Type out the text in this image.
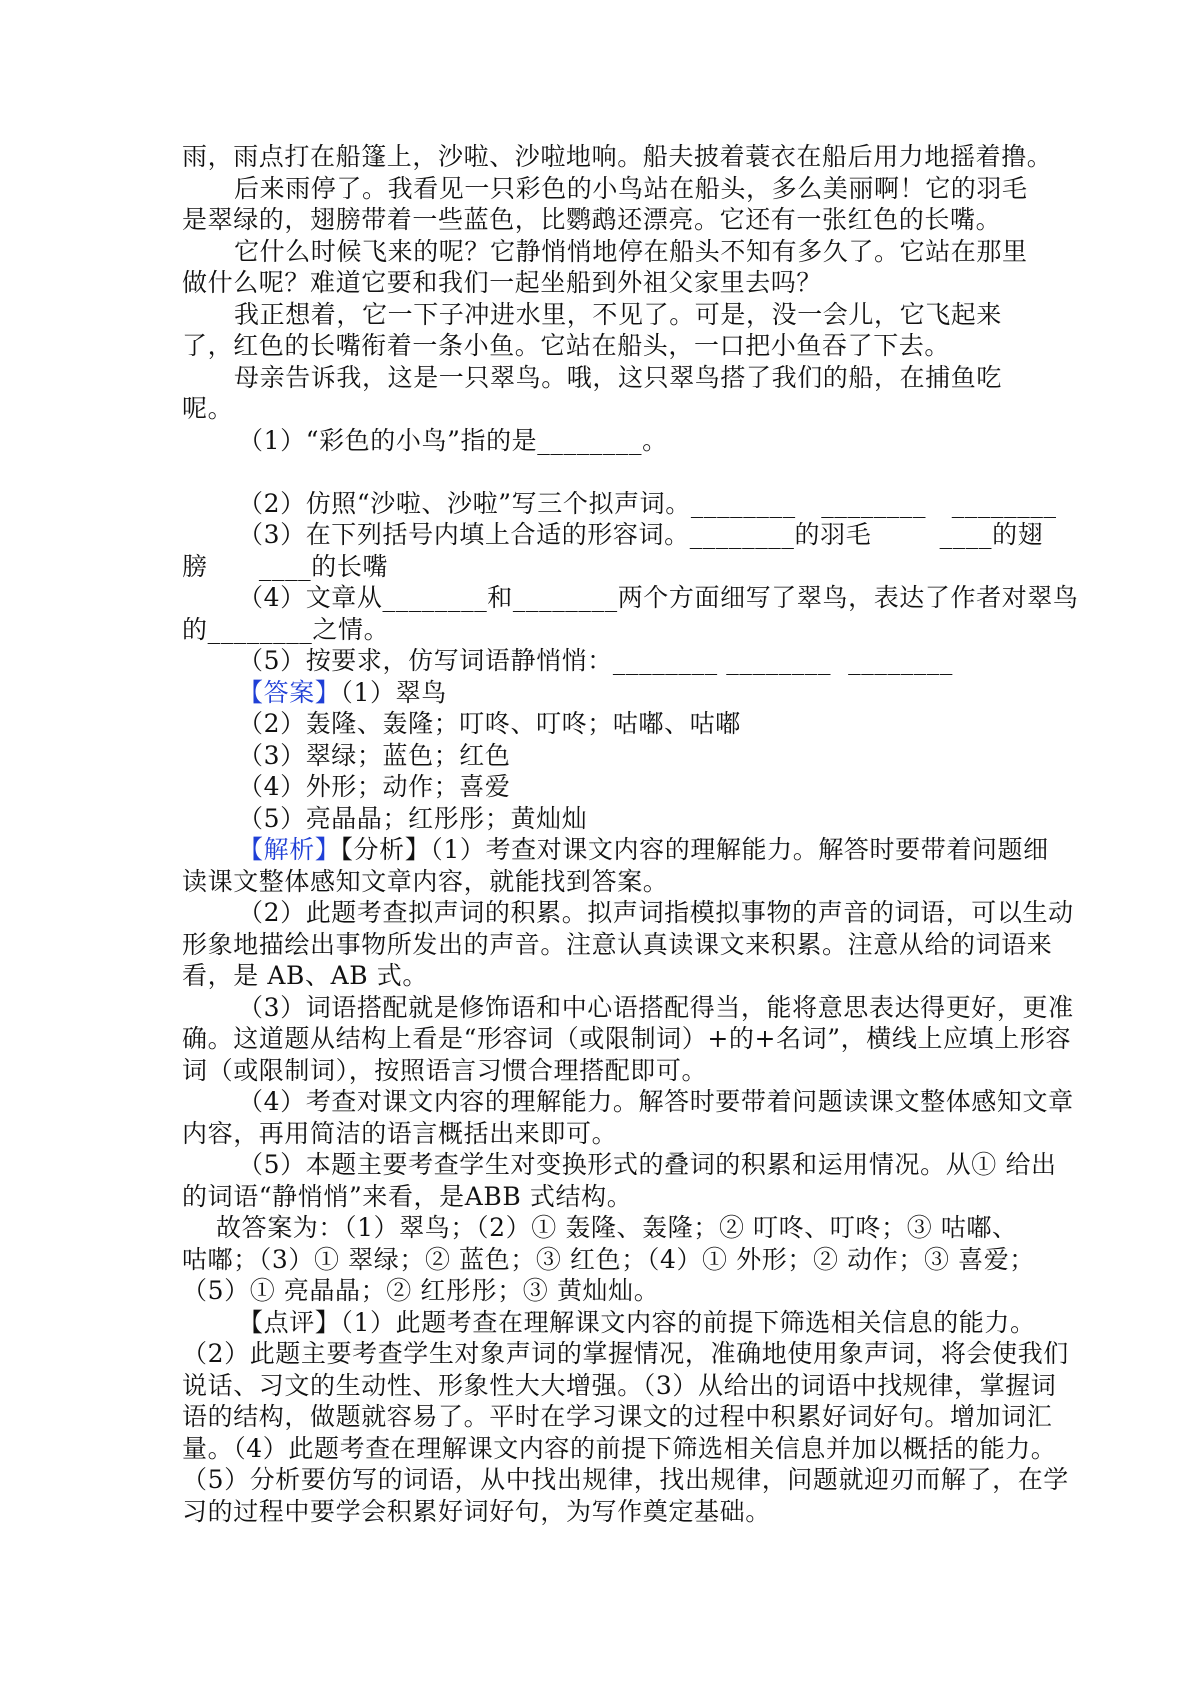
雨，雨点打在船篷上，沙啦、沙啦地响。船夫披着蓑衣在船后用力地摇着撸。
后来雨停了。我看见一只彩色的小鸟站在船头，多么美丽啊！它的羽毛
是翠绿的，翅膀带着一些蓝色，比鹦鹉还漂亮。它还有一张红色的长嘴。
它什么时候飞来的呢？它静悄悄地停在船头不知有多久了。它站在那里
做什么呢？难道它要和我们一起坐船到外祖父家里去吗？
我正想着，它一下子冲进水里，不见了。可是，没一会儿，它飞起来
了，红色的长嘴衔着一条小鱼。它站在船头，一口把小鱼吞了下去。
母亲告诉我，这是一只翠鸟。哦，这只翠鸟搭了我们的船，在捕鱼吃
呢。
（1）“彩色的小鸟”指的是________。
（2）仿照“沙啦、沙啦”写三个拟声词。________   ________   ________
（3）在下列括号内填上合适的形容词。________的羽毛        ____的翅
膀      ____的长嘴
（4）文章从________和________两个方面细写了翠鸟，表达了作者对翠鸟
的________之情。
（5）按要求，仿写词语静悄悄：________ ________  ________
【答案】（1）翠鸟
（2）轰隆、轰隆；叮咚、叮咚；咕嘟、咕嘟
（3）翠绿；蓝色；红色
（4）外形；动作；喜爱
（5）亮晶晶；红彤彤；黄灿灿
【解析】【分析】（1）考查对课文内容的理解能力。解答时要带着问题细
读课文整体感知文章内容，就能找到答案。
（2）此题考查拟声词的积累。拟声词指模拟事物的声音的词语，可以生动
形象地描绘出事物所发出的声音。注意认真读课文来积累。注意从给的词语来
看，是 AB、AB 式。
（3）词语搭配就是修饰语和中心语搭配得当，能将意思表达得更好，更准
确。这道题从结构上看是“形容词（或限制词）+的+名词”，横线上应填上形容
词（或限制词），按照语言习惯合理搭配即可。
（4）考查对课文内容的理解能力。解答时要带着问题读课文整体感知文章
内容，再用简洁的语言概括出来即可。
（5）本题主要考查学生对变换形式的叠词的积累和运用情况。从① 给出
的词语“静悄悄”来看，是ABB 式结构。
故答案为：（1）翠鸟；（2）① 轰隆、轰隆；② 叮咚、叮咚；③ 咕嘟、
咕嘟；（3）① 翠绿；② 蓝色；③ 红色；（4）① 外形；② 动作；③ 喜爱；
（5）① 亮晶晶；② 红彤彤；③ 黄灿灿。
【点评】（1）此题考查在理解课文内容的前提下筛选相关信息的能力。
（2）此题主要考查学生对象声词的掌握情况，准确地使用象声词，将会使我们
说话、习文的生动性、形象性大大增强。（3）从给出的词语中找规律，掌握词
语的结构，做题就容易了。平时在学习课文的过程中积累好词好句。增加词汇
量。（4）此题考查在理解课文内容的前提下筛选相关信息并加以概括的能力。
（5）分析要仿写的词语，从中找出规律，找出规律，问题就迎刃而解了，在学
习的过程中要学会积累好词好句，为写作奠定基础。
